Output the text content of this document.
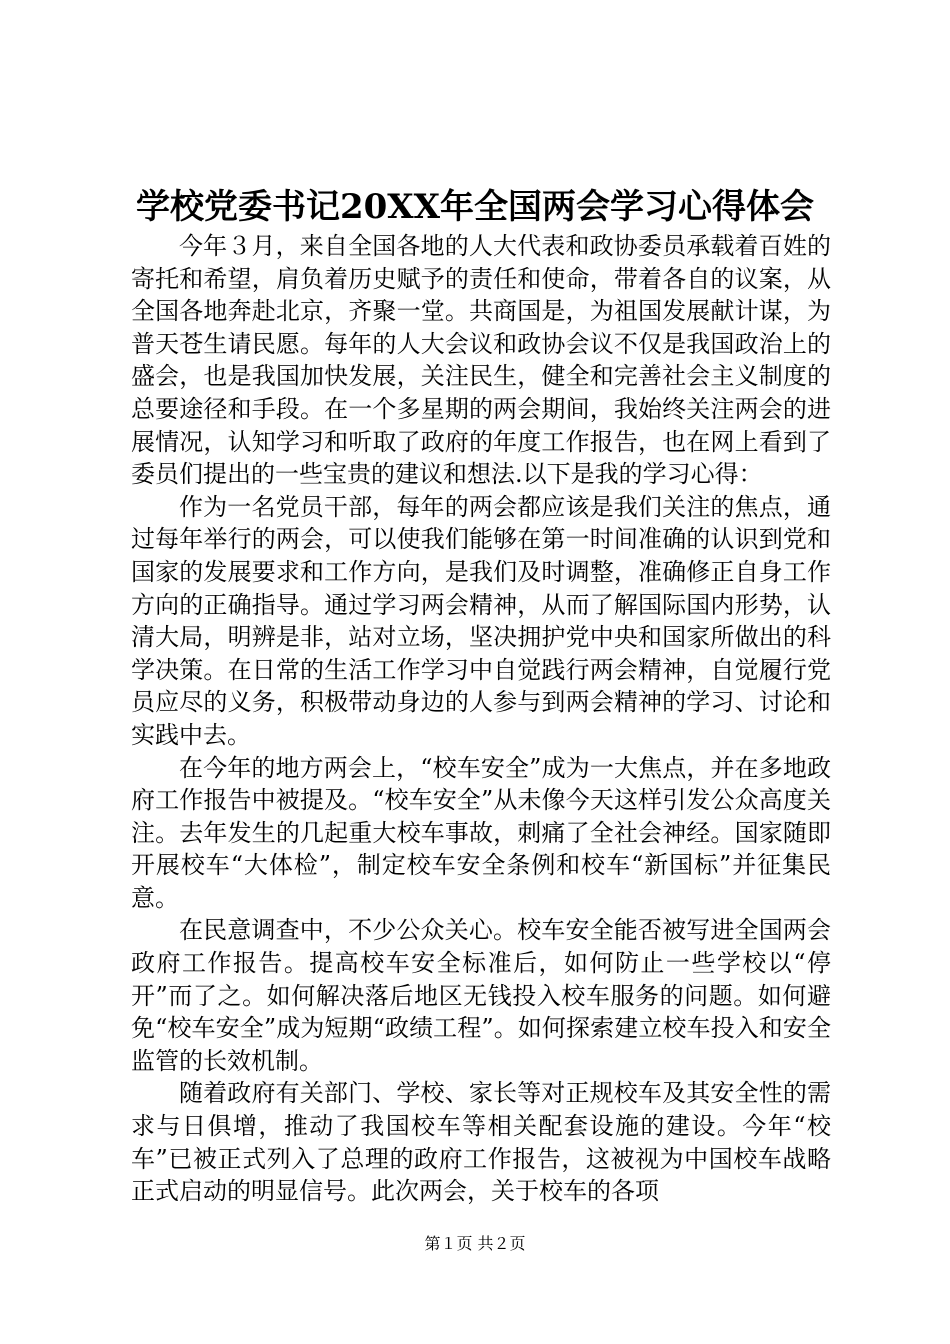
学校党委书记20XX年全国两会学习心得体会

今年３月，来自全国各地的人大代表和政协委员承载着百姓的寄托和希望，肩负着历史赋予的责任和使命，带着各自的议案，从全国各地奔赴北京，齐聚一堂。共商国是，为祖国发展献计谋，为普天苍生请民愿。每年的人大会议和政协会议不仅是我国政治上的盛会，也是我国加快发展，关注民生，健全和完善社会主义制度的总要途径和手段。在一个多星期的两会期间，我始终关注两会的进展情况，认知学习和听取了政府的年度工作报告，也在网上看到了委员们提出的一些宝贵的建议和想法.以下是我的学习心得：

作为一名党员干部，每年的两会都应该是我们关注的焦点，通过每年举行的两会，可以使我们能够在第一时间准确的认识到党和国家的发展要求和工作方向，是我们及时调整，准确修正自身工作方向的正确指导。通过学习两会精神，从而了解国际国内形势，认清大局，明辨是非，站对立场，坚决拥护党中央和国家所做出的科学决策。在日常的生活工作学习中自觉践行两会精神，自觉履行党员应尽的义务，积极带动身边的人参与到两会精神的学习、讨论和实践中去。

在今年的地方两会上，“校车安全”成为一大焦点，并在多地政府工作报告中被提及。“校车安全”从未像今天这样引发公众高度关注。去年发生的几起重大校车事故，刺痛了全社会神经。国家随即开展校车“大体检”，制定校车安全条例和校车“新国标”并征集民意。

在民意调查中，不少公众关心。校车安全能否被写进全国两会政府工作报告。提高校车安全标准后，如何防止一些学校以“停开”而了之。如何解决落后地区无钱投入校车服务的问题。如何避免“校车安全”成为短期“政绩工程”。如何探索建立校车投入和安全监管的长效机制。

随着政府有关部门、学校、家长等对正规校车及其安全性的需求与日俱增，推动了我国校车等相关配套设施的建设。今年“校车”已被正式列入了总理的政府工作报告，这被视为中国校车战略正式启动的明显信号。此次两会，关于校车的各项

第１页 共２页
